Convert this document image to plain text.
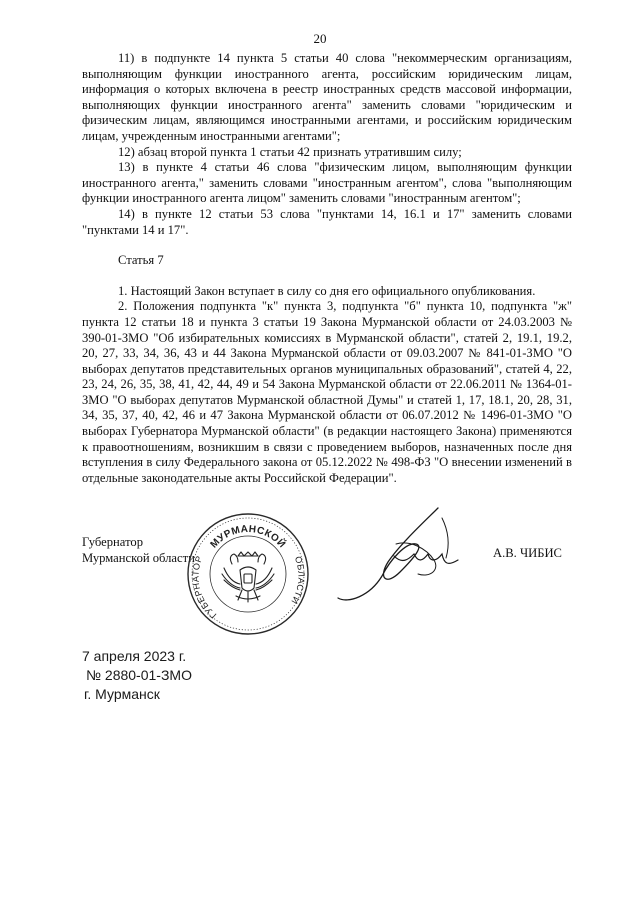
20

11) в подпункте 14 пункта 5 статьи 40 слова "некоммерческим организациям, выполняющим функции иностранного агента, российским юридическим лицам, информация о которых включена в реестр иностранных средств массовой информации, выполняющих функции иностранного агента" заменить словами "юридическим и физическим лицам, являющимся иностранными агентами, и российским юридическим лицам, учрежденным иностранными агентами";

12) абзац второй пункта 1 статьи 42 признать утратившим силу;

13) в пункте 4 статьи 46 слова "физическим лицом, выполняющим функции иностранного агента," заменить словами "иностранным агентом", слова "выполняющим функции иностранного агента лицом" заменить словами "иностранным агентом";

14) в пункте 12 статьи 53 слова "пунктами 14, 16.1 и 17" заменить словами "пунктами 14 и 17".

Статья 7

1. Настоящий Закон вступает в силу со дня его официального опубликования.

2. Положения подпункта "к" пункта 3, подпункта "б" пункта 10, подпункта "ж" пункта 12 статьи 18 и пункта 3 статьи 19 Закона Мурманской области от 24.03.2003 № 390-01-ЗМО "Об избирательных комиссиях в Мурманской области", статей 2, 19.1, 19.2, 20, 27, 33, 34, 36, 43 и 44 Закона Мурманской области от 09.03.2007 № 841-01-ЗМО "О выборах депутатов представительных органов муниципальных образований", статей 4, 22, 23, 24, 26, 35, 38, 41, 42, 44, 49 и 54 Закона Мурманской области от 22.06.2011 № 1364-01-ЗМО "О выборах депутатов Мурманской областной Думы" и статей 1, 17, 18.1, 20, 28, 31, 34, 35, 37, 40, 42, 46 и 47 Закона Мурманской области от 06.07.2012 № 1496-01-ЗМО "О выборах Губернатора Мурманской области" (в редакции настоящего Закона) применяются к правоотношениям, возникшим в связи с проведением выборов, назначенных после дня вступления в силу Федерального закона от 05.12.2022 № 498-ФЗ "О внесении изменений в отдельные законодательные акты Российской Федерации".

Губернатор
Мурманской области
МУРМАНСКОЙ
ГУБЕРНАТОР	ОБЛАСТИ
А.В. ЧИБИС
7 апреля 2023 г.
№ 2880-01-ЗМО
г. Мурманск
